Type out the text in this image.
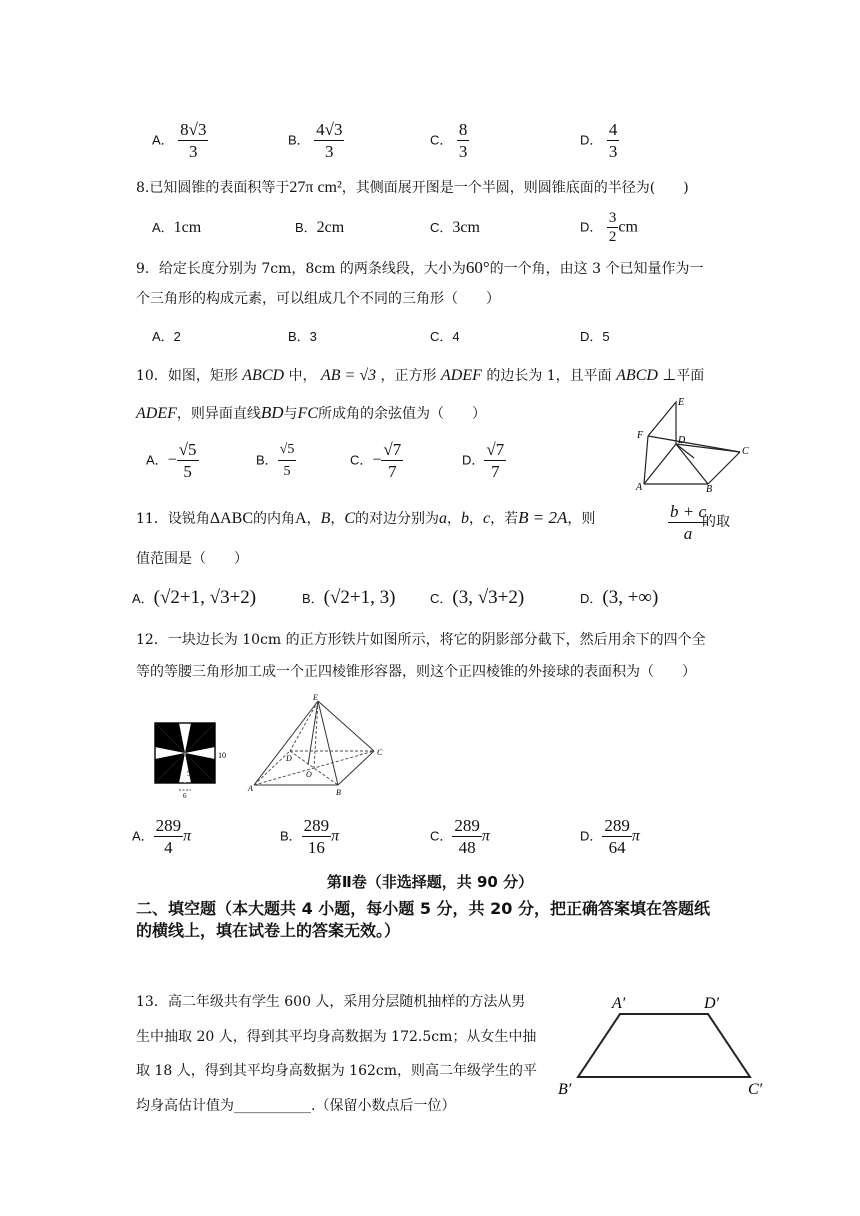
A． $\frac{8√3}{3}$	B． $\frac{4√3}{3}$	C． $\frac{8}{3}$	D． $\frac{4}{3}$
8.已知圆锥的表面积等于27π cm²，其侧面展开图是一个半圆，则圆锥底面的半径为(　　)
A．1cm	B．2cm	C．3cm	D． $\frac{3}{2}$ cm
9．给定长度分别为 7cm，8cm 的两条线段，大小为60°的一个角，由这 3 个已知量作为一
个三角形的构成元素，可以组成几个不同的三角形（　　）
A．2	B．3	C．4	D．5
10．如图，矩形 ABCD 中， AB = √3 ，正方形 ADEF 的边长为 1，且平面 ABCD ⊥平面
ADEF，则异面直线BD与FC所成角的余弦值为（　　）
A．− $\frac{√5}{5}$	B． $\frac{√5}{5}$	C．− $\frac{√7}{7}$	D． $\frac{√7}{7}$
E
F	D
C
A	B
11．设锐角ΔABC的内角A，B，C的对边分别为a，b，c，若B = 2A，则	$\frac{b + c}{a}$
的取
值范围是（　　）
A．(√2+1, √3+2)	B．(√2+1, 3)	C．(3, √3+2)	D．(3, +∞)
12．一块边长为 10cm 的正方形铁片如图所示，将它的阴影部分截下，然后用余下的四个全
等的等腰三角形加工成一个正四棱锥形容器，则这个正四棱锥的外接球的表面积为（　　）
10
5
6
E
D
C
O
A	B
A． $\frac{289}{4}$ π	B． $\frac{289}{16}$ π	C． $\frac{289}{48}$ π	D． $\frac{289}{64}$ π
第Ⅱ卷（非选择题，共 90 分）
二、填空题（本大题共 4 小题，每小题 5 分，共 20 分，把正确答案填在答题纸
的横线上，填在试卷上的答案无效。）
13．高二年级共有学生 600 人，采用分层随机抽样的方法从男
生中抽取 20 人，得到其平均身高数据为 172.5cm；从女生中抽
取 18 人，得到其平均身高数据为 162cm，则高二年级学生的平
均身高估计值为___________.（保留小数点后一位）
A′	D′
B′	C′
